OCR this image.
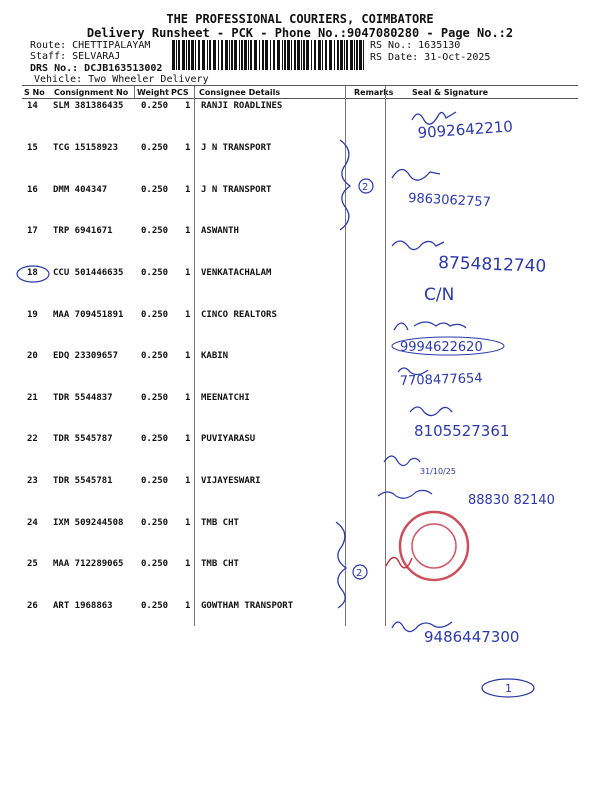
THE PROFESSIONAL COURIERS, COIMBATORE
Delivery Runsheet - PCK - Phone No.:9047080280 - Page No.:2
Route: CHETTIPALAYAM
Staff: SELVARAJ
DRS No.: DCJB163513002
Vehicle: Two Wheeler Delivery
RS No.: 1635130
RS Date: 31-Oct-2025
S No Consignment No Weight PCS Consignee Details	Remarks Seal & Signature
14 SLM 381386435 0.250 1 RANJI ROADLINES
15 TCG 15158923	0.250 1 J N TRANSPORT
16 DMM 404347	0.250 1 J N TRANSPORT
17 TRP 6941671	0.250 1 ASWANTH
18 CCU 501446635 0.250 1 VENKATACHALAM
19 MAA 709451891 0.250 1 CINCO REALTORS
20 EDQ 23309657	0.250 1 KABIN
21 TDR 5544837	0.250 1 MEENATCHI
22 TDR 5545787	0.250 1 PUVIYARASU
23 TDR 5545781	0.250 1 VIJAYESWARI
24 IXM 509244508 0.250 1 TMB CHT
25 MAA 712289065 0.250 1 TMB CHT
26 ART 1968863	0.250 1 GOWTHAM TRANSPORT
9092642210
2
9863062757
8754812740
C/N
9994622620
7708477654
8105527361
31/10/25
88830 82140
2
9486447300
1
